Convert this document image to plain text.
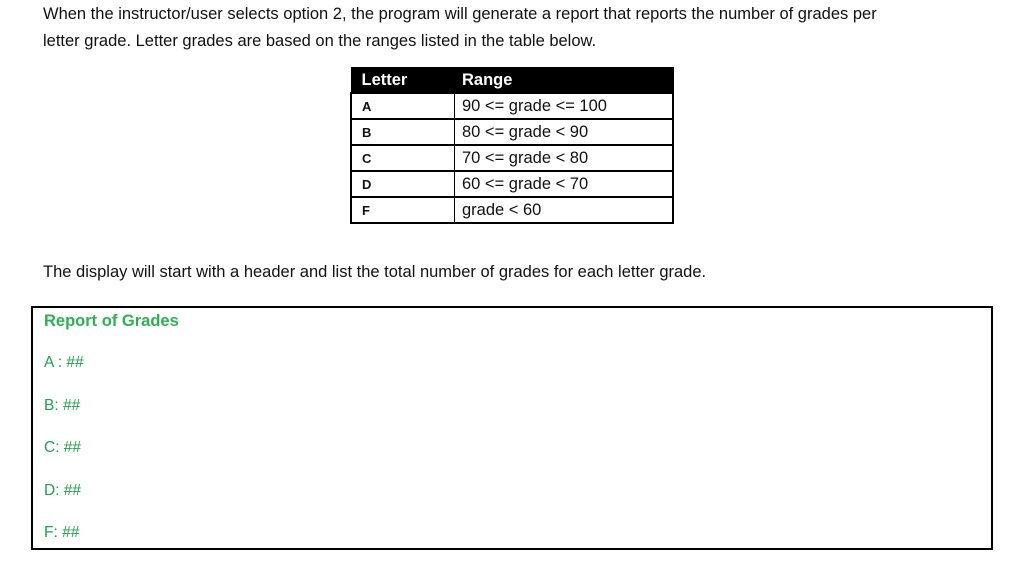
When the instructor/user selects option 2, the program will generate a report that reports the number of grades per
letter grade. Letter grades are based on the ranges listed in the table below.
Letter	Range
A	90 <= grade <= 100
B	80 <= grade < 90
C	70 <= grade < 80
D	60 <= grade < 70
F	grade < 60

The display will start with a header and list the total number of grades for each letter grade.

Report of Grades

A : ##

B: ##

C: ##

D: ##

F: ##
